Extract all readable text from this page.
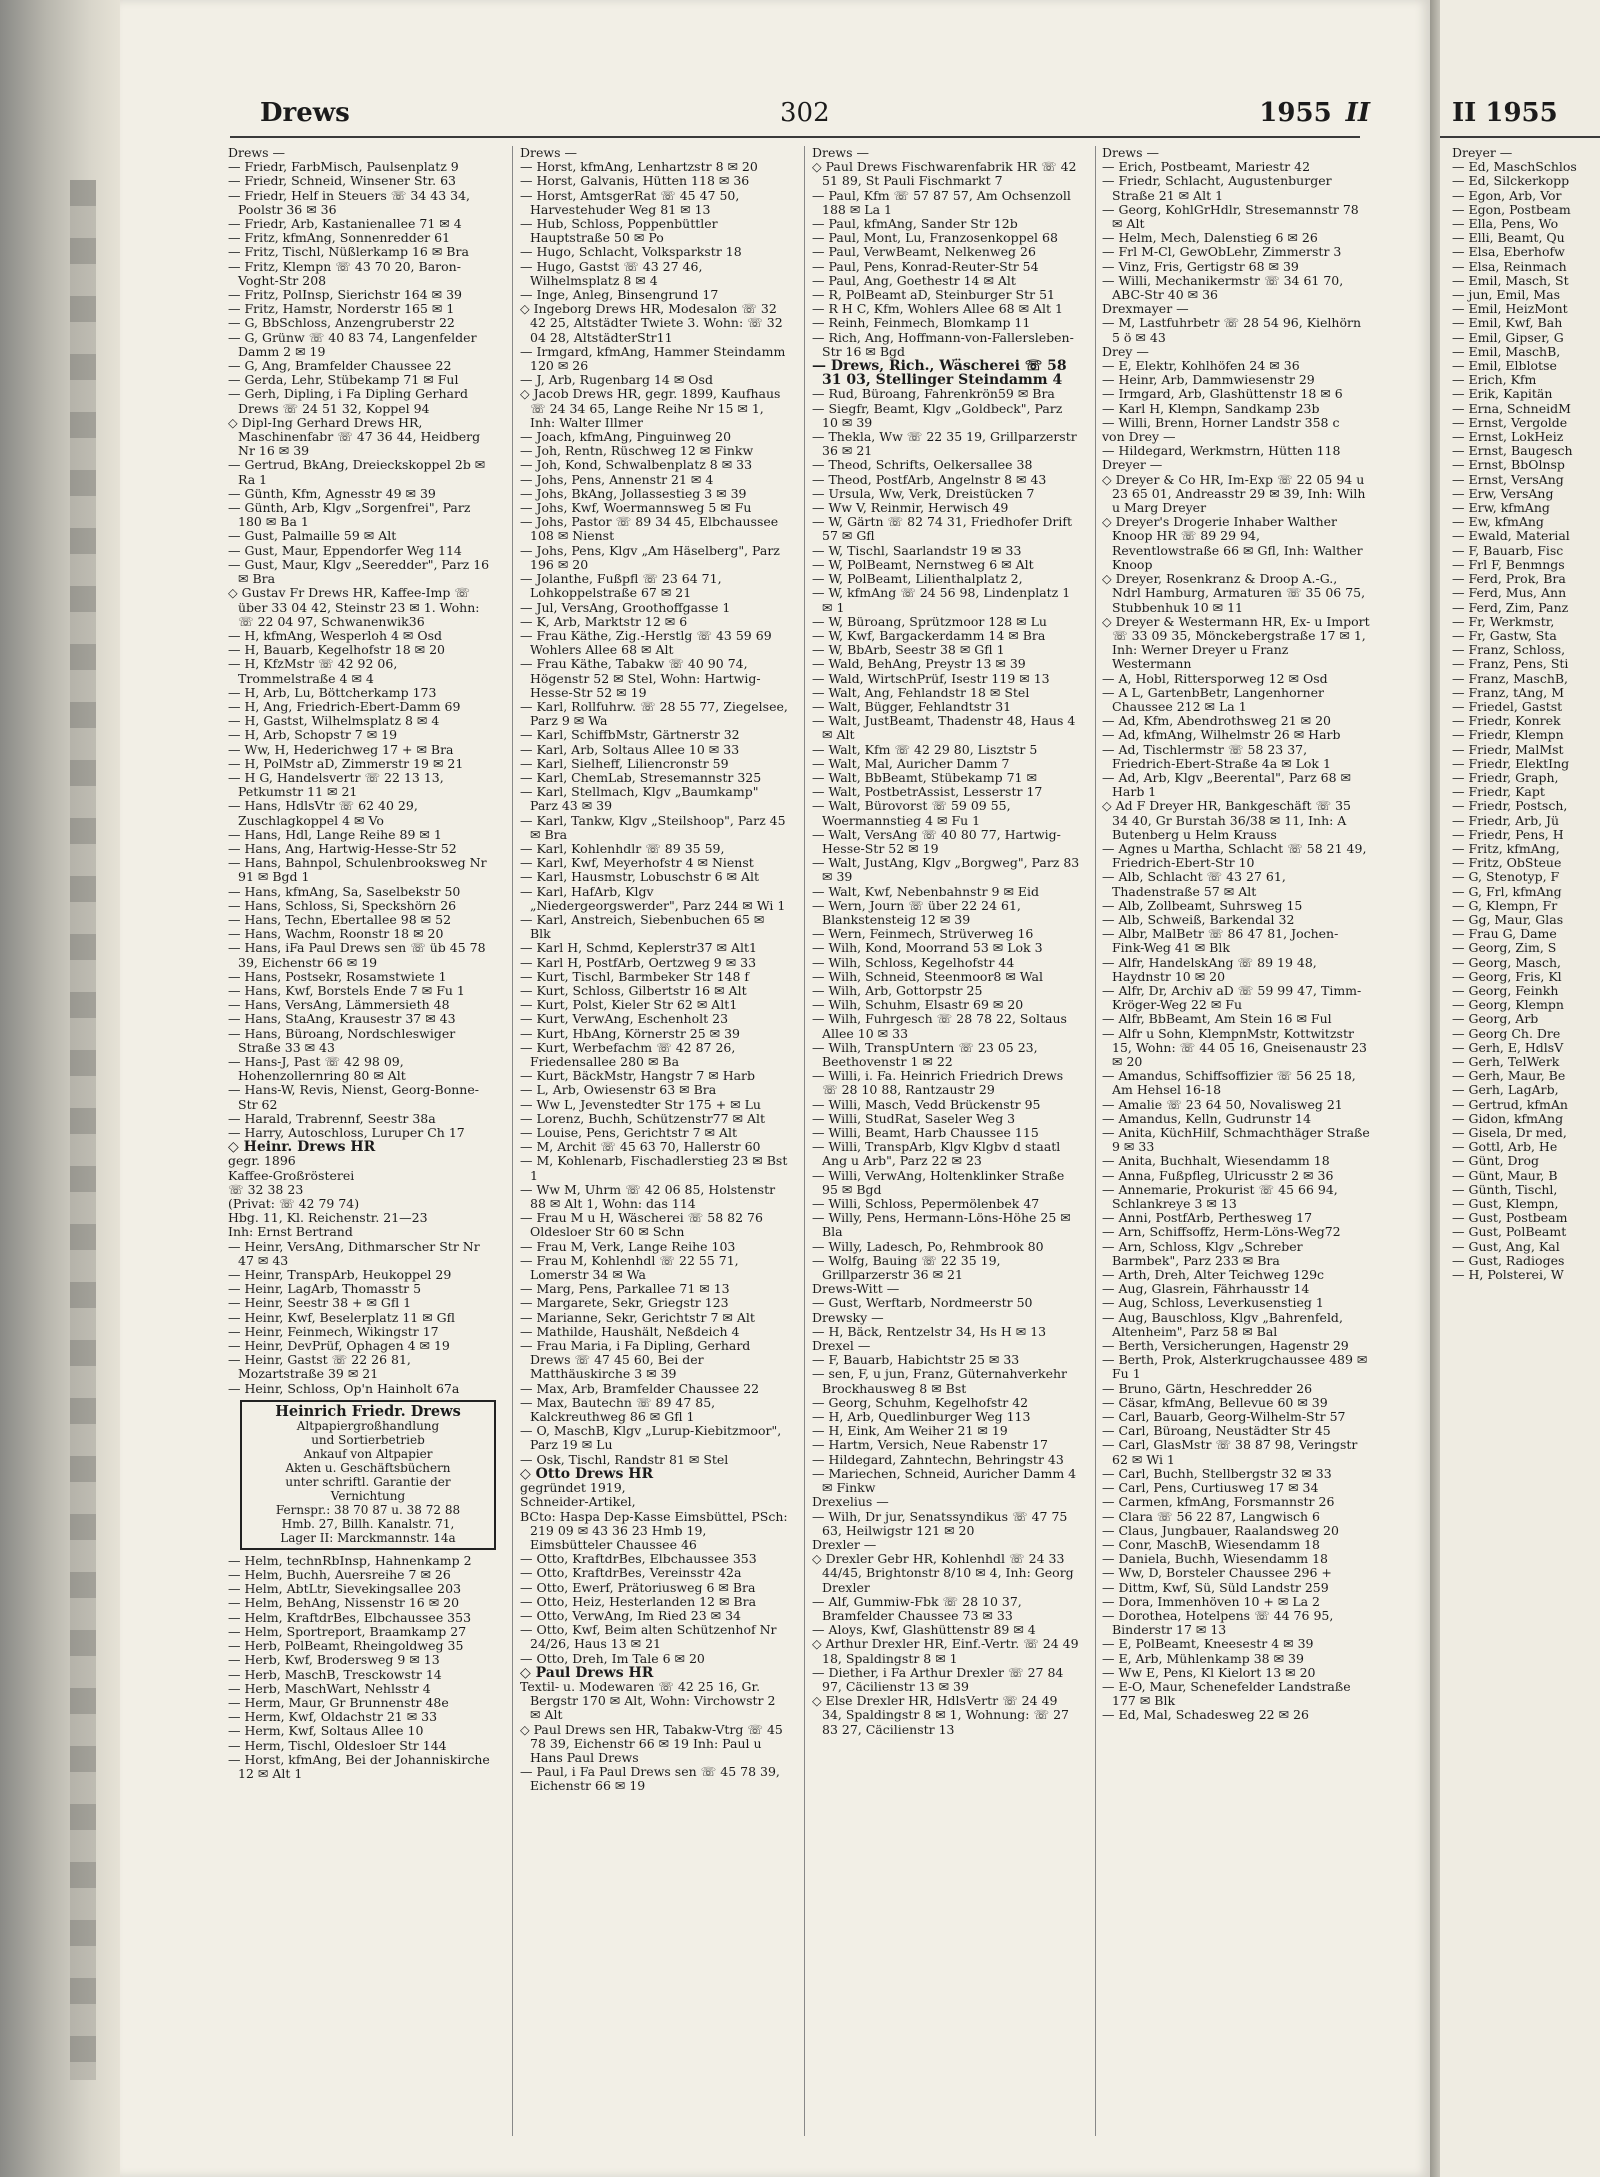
Drews	302	1955 II

Drews —

— Friedr, FarbMisch, Paulsenplatz 9

— Friedr, Schneid, Winsener Str. 63

— Friedr, Helf in Steuers ☏ 34 43 34, Poolstr 36 ✉ 36

— Friedr, Arb, Kastanienallee 71 ✉ 4

— Fritz, kfmAng, Sonnenredder 61

— Fritz, Tischl, Nüßlerkamp 16 ✉ Bra

— Fritz, Klempn ☏ 43 70 20, Baron-Voght-Str 208

— Fritz, PolInsp, Sierichstr 164 ✉ 39

— Fritz, Hamstr, Norderstr 165 ✉ 1

— G, BbSchloss, Anzengruberstr 22

— G, Grünw ☏ 40 83 74, Langenfelder Damm 2 ✉ 19

— G, Ang, Bramfelder Chaussee 22

— Gerda, Lehr, Stübekamp 71 ✉ Ful

— Gerh, Dipling, i Fa Dipling Gerhard Drews ☏ 24 51 32, Koppel 94

◇ Dipl-Ing Gerhard Drews HR, Maschinenfabr ☏ 47 36 44, Heidberg Nr 16 ✉ 39

— Gertrud, BkAng, Dreieckskoppel 2b ✉ Ra 1

— Günth, Kfm, Agnesstr 49 ✉ 39

— Günth, Arb, Klgv „Sorgenfrei", Parz 180 ✉ Ba 1

— Gust, Palmaille 59 ✉ Alt

— Gust, Maur, Eppendorfer Weg 114

— Gust, Maur, Klgv „Seeredder", Parz 16 ✉ Bra

◇ Gustav Fr Drews HR, Kaffee-Imp ☏ über 33 04 42, Steinstr 23 ✉ 1. Wohn: ☏ 22 04 97, Schwanenwik36

— H, kfmAng, Wesperloh 4 ✉ Osd

— H, Bauarb, Kegelhofstr 18 ✉ 20

— H, KfzMstr ☏ 42 92 06, Trommelstraße 4 ✉ 4

— H, Arb, Lu, Böttcherkamp 173

— H, Ang, Friedrich-Ebert-Damm 69

— H, Gastst, Wilhelmsplatz 8 ✉ 4

— H, Arb, Schopstr 7 ✉ 19

— Ww, H, Hederichweg 17 + ✉ Bra

— H, PolMstr aD, Zimmerstr 19 ✉ 21

— H G, Handelsvertr ☏ 22 13 13, Petkumstr 11 ✉ 21

— Hans, HdlsVtr ☏ 62 40 29, Zuschlagkoppel 4 ✉ Vo

— Hans, Hdl, Lange Reihe 89 ✉ 1

— Hans, Ang, Hartwig-Hesse-Str 52

— Hans, Bahnpol, Schulenbrooksweg Nr 91 ✉ Bgd 1

— Hans, kfmAng, Sa, Saselbekstr 50

— Hans, Schloss, Si, Speckshörn 26

— Hans, Techn, Ebertallee 98 ✉ 52

— Hans, Wachm, Roonstr 18 ✉ 20

— Hans, iFa Paul Drews sen ☏ üb 45 78 39, Eichenstr 66 ✉ 19

— Hans, Postsekr, Rosamstwiete 1

— Hans, Kwf, Borstels Ende 7 ✉ Fu 1

— Hans, VersAng, Lämmersieth 48

— Hans, StaAng, Krausestr 37 ✉ 43

— Hans, Büroang, Nordschleswiger Straße 33 ✉ 43

— Hans-J, Past ☏ 42 98 09, Hohenzollernring 80 ✉ Alt

— Hans-W, Revis, Nienst, Georg-Bonne-Str 62

— Harald, Trabrennf, Seestr 38a

— Harry, Autoschloss, Luruper Ch 17

◇ Heinr. Drews HR

gegr. 1896

Kaffee-Großrösterei

☏ 32 38 23

(Privat: ☏ 42 79 74)

Hbg. 11, Kl. Reichenstr. 21—23

Inh: Ernst Bertrand

— Heinr, VersAng, Dithmarscher Str Nr 47 ✉ 43

— Heinr, TranspArb, Heukoppel 29

— Heinr, LagArb, Thomasstr 5

— Heinr, Seestr 38 + ✉ Gfl 1

— Heinr, Kwf, Beselerplatz 11 ✉ Gfl

— Heinr, Feinmech, Wikingstr 17

— Heinr, DevPrüf, Ophagen 4 ✉ 19

— Heinr, Gastst ☏ 22 26 81, Mozartstraße 39 ✉ 21

— Heinr, Schloss, Op'n Hainholt 67a

Heinrich Friedr. Drews
Altpapiergroßhandlung
und Sortierbetrieb
Ankauf von Altpapier
Akten u. Geschäftsbüchern
unter schriftl. Garantie der
Vernichtung
Fernspr.: 38 70 87 u. 38 72 88
Hmb. 27, Billh. Kanalstr. 71,
Lager II: Marckmannstr. 14a

— Helm, technRbInsp, Hahnenkamp 2

— Helm, Buchh, Auersreihe 7 ✉ 26

— Helm, AbtLtr, Sievekingsallee 203

— Helm, BehAng, Nissenstr 16 ✉ 20

— Helm, KraftdrBes, Elbchaussee 353

— Helm, Sportreport, Braamkamp 27

— Herb, PolBeamt, Rheingoldweg 35

— Herb, Kwf, Brodersweg 9 ✉ 13

— Herb, MaschB, Tresckowstr 14

— Herb, MaschWart, Nehlsstr 4

— Herm, Maur, Gr Brunnenstr 48e

— Herm, Kwf, Oldachstr 21 ✉ 33

— Herm, Kwf, Soltaus Allee 10

— Herm, Tischl, Oldesloer Str 144

— Horst, kfmAng, Bei der Johanniskirche 12 ✉ Alt 1

Drews —

— Horst, kfmAng, Lenhartzstr 8 ✉ 20

— Horst, Galvanis, Hütten 118 ✉ 36

— Horst, AmtsgerRat ☏ 45 47 50, Harvestehuder Weg 81 ✉ 13

— Hub, Schloss, Poppenbüttler Hauptstraße 50 ✉ Po

— Hugo, Schlacht, Volksparkstr 18

— Hugo, Gastst ☏ 43 27 46, Wilhelmsplatz 8 ✉ 4

— Inge, Anleg, Binsengrund 17

◇ Ingeborg Drews HR, Modesalon ☏ 32 42 25, Altstädter Twiete 3. Wohn: ☏ 32 04 28, AltstädterStr11

— Irmgard, kfmAng, Hammer Steindamm 120 ✉ 26

— J, Arb, Rugenbarg 14 ✉ Osd

◇ Jacob Drews HR, gegr. 1899, Kaufhaus ☏ 24 34 65, Lange Reihe Nr 15 ✉ 1, Inh: Walter Illmer

— Joach, kfmAng, Pinguinweg 20

— Joh, Rentn, Rüschweg 12 ✉ Finkw

— Joh, Kond, Schwalbenplatz 8 ✉ 33

— Johs, Pens, Annenstr 21 ✉ 4

— Johs, BkAng, Jollassestieg 3 ✉ 39

— Johs, Kwf, Woermannsweg 5 ✉ Fu

— Johs, Pastor ☏ 89 34 45, Elbchaussee 108 ✉ Nienst

— Johs, Pens, Klgv „Am Häselberg", Parz 196 ✉ 20

— Jolanthe, Fußpfl ☏ 23 64 71, Lohkoppelstraße 67 ✉ 21

— Jul, VersAng, Groothoffgasse 1

— K, Arb, Marktstr 12 ✉ 6

— Frau Käthe, Zig.-Herstlg ☏ 43 59 69 Wohlers Allee 68 ✉ Alt

— Frau Käthe, Tabakw ☏ 40 90 74, Högenstr 52 ✉ Stel, Wohn: Hartwig-Hesse-Str 52 ✉ 19

— Karl, Rollfuhrw. ☏ 28 55 77, Ziegelsee, Parz 9 ✉ Wa

— Karl, SchiffbMstr, Gärtnerstr 32

— Karl, Arb, Soltaus Allee 10 ✉ 33

— Karl, Sielheff, Liliencronstr 59

— Karl, ChemLab, Stresemannstr 325

— Karl, Stellmach, Klgv „Baumkamp" Parz 43 ✉ 39

— Karl, Tankw, Klgv „Steilshoop", Parz 45 ✉ Bra

— Karl, Kohlenhdlr ☏ 89 35 59,

— Karl, Kwf, Meyerhofstr 4 ✉ Nienst

— Karl, Hausmstr, Lobuschstr 6 ✉ Alt

— Karl, HafArb, Klgv „Niedergeorgswerder", Parz 244 ✉ Wi 1

— Karl, Anstreich, Siebenbuchen 65 ✉ Blk

— Karl H, Schmd, Keplerstr37 ✉ Alt1

— Karl H, PostfArb, Oertzweg 9 ✉ 33

— Kurt, Tischl, Barmbeker Str 148 f

— Kurt, Schloss, Gilbertstr 16 ✉ Alt

— Kurt, Polst, Kieler Str 62 ✉ Alt1

— Kurt, VerwAng, Eschenholt 23

— Kurt, HbAng, Körnerstr 25 ✉ 39

— Kurt, Werbefachm ☏ 42 87 26, Friedensallee 280 ✉ Ba

— Kurt, BäckMstr, Hangstr 7 ✉ Harb

— L, Arb, Owiesenstr 63 ✉ Bra

— Ww L, Jevenstedter Str 175 + ✉ Lu

— Lorenz, Buchh, Schützenstr77 ✉ Alt

— Louise, Pens, Gerichtstr 7 ✉ Alt

— M, Archit ☏ 45 63 70, Hallerstr 60

— M, Kohlenarb, Fischadlerstieg 23 ✉ Bst 1

— Ww M, Uhrm ☏ 42 06 85, Holstenstr 88 ✉ Alt 1, Wohn: das 114

— Frau M u H, Wäscherei ☏ 58 82 76 Oldesloer Str 60 ✉ Schn

— Frau M, Verk, Lange Reihe 103

— Frau M, Kohlenhdl ☏ 22 55 71, Lomerstr 34 ✉ Wa

— Marg, Pens, Parkallee 71 ✉ 13

— Margarete, Sekr, Griegstr 123

— Marianne, Sekr, Gerichtstr 7 ✉ Alt

— Mathilde, Haushält, Neßdeich 4

— Frau Maria, i Fa Dipling, Gerhard Drews ☏ 47 45 60, Bei der Matthäuskirche 3 ✉ 39

— Max, Arb, Bramfelder Chaussee 22

— Max, Bautechn ☏ 89 47 85, Kalckreuthweg 86 ✉ Gfl 1

— O, MaschB, Klgv „Lurup-Kiebitzmoor", Parz 19 ✉ Lu

— Osk, Tischl, Randstr 81 ✉ Stel

◇ Otto Drews HR

gegründet 1919,

Schneider-Artikel,

BCto: Haspa Dep-Kasse Eimsbüttel, PSch: 219 09 ✉ 43 36 23 Hmb 19, Eimsbütteler Chaussee 46

— Otto, KraftdrBes, Elbchaussee 353

— Otto, KraftdrBes, Vereinsstr 42a

— Otto, Ewerf, Prätoriusweg 6 ✉ Bra

— Otto, Heiz, Hesterlanden 12 ✉ Bra

— Otto, VerwAng, Im Ried 23 ✉ 34

— Otto, Kwf, Beim alten Schützenhof Nr 24/26, Haus 13 ✉ 21

— Otto, Dreh, Im Tale 6 ✉ 20

◇ Paul Drews HR

Textil- u. Modewaren ☏ 42 25 16, Gr. Bergstr 170 ✉ Alt, Wohn: Virchowstr 2 ✉ Alt

◇ Paul Drews sen HR, Tabakw-Vtrg ☏ 45 78 39, Eichenstr 66 ✉ 19 Inh: Paul u Hans Paul Drews

— Paul, i Fa Paul Drews sen ☏ 45 78 39, Eichenstr 66 ✉ 19

Drews —

◇ Paul Drews Fischwarenfabrik HR ☏ 42 51 89, St Pauli Fischmarkt 7

— Paul, Kfm ☏ 57 87 57, Am Ochsenzoll 188 ✉ La 1

— Paul, kfmAng, Sander Str 12b

— Paul, Mont, Lu, Franzosenkoppel 68

— Paul, VerwBeamt, Nelkenweg 26

— Paul, Pens, Konrad-Reuter-Str 54

— Paul, Ang, Goethestr 14 ✉ Alt

— R, PolBeamt aD, Steinburger Str 51

— R H C, Kfm, Wohlers Allee 68 ✉ Alt 1

— Reinh, Feinmech, Blomkamp 11

— Rich, Ang, Hoffmann-von-Fallersleben-Str 16 ✉ Bgd

— Drews, Rich., Wäscherei ☏ 58 31 03, Stellinger Steindamm 4

— Rud, Büroang, Fahrenkrön59 ✉ Bra

— Siegfr, Beamt, Klgv „Goldbeck", Parz 10 ✉ 39

— Thekla, Ww ☏ 22 35 19, Grillparzerstr 36 ✉ 21

— Theod, Schrifts, Oelkersallee 38

— Theod, PostfArb, Angelnstr 8 ✉ 43

— Ursula, Ww, Verk, Dreistücken 7

— Ww V, Reinmir, Herwisch 49

— W, Gärtn ☏ 82 74 31, Friedhofer Drift 57 ✉ Gfl

— W, Tischl, Saarlandstr 19 ✉ 33

— W, PolBeamt, Nernstweg 6 ✉ Alt

— W, PolBeamt, Lilienthalplatz 2,

— W, kfmAng ☏ 24 56 98, Lindenplatz 1 ✉ 1

— W, Büroang, Sprützmoor 128 ✉ Lu

— W, Kwf, Bargackerdamm 14 ✉ Bra

— W, BbArb, Seestr 38 ✉ Gfl 1

— Wald, BehAng, Preystr 13 ✉ 39

— Wald, WirtschPrüf, Isestr 119 ✉ 13

— Walt, Ang, Fehlandstr 18 ✉ Stel

— Walt, Bügger, Fehlandtstr 31

— Walt, JustBeamt, Thadenstr 48, Haus 4 ✉ Alt

— Walt, Kfm ☏ 42 29 80, Lisztstr 5

— Walt, Mal, Auricher Damm 7

— Walt, BbBeamt, Stübekamp 71 ✉

— Walt, PostbetrAssist, Lesserstr 17

— Walt, Bürovorst ☏ 59 09 55, Woermannstieg 4 ✉ Fu 1

— Walt, VersAng ☏ 40 80 77, Hartwig-Hesse-Str 52 ✉ 19

— Walt, JustAng, Klgv „Borgweg", Parz 83 ✉ 39

— Walt, Kwf, Nebenbahnstr 9 ✉ Eid

— Wern, Journ ☏ über 22 24 61, Blankstensteig 12 ✉ 39

— Wern, Feinmech, Strüverweg 16

— Wilh, Kond, Moorrand 53 ✉ Lok 3

— Wilh, Schloss, Kegelhofstr 44

— Wilh, Schneid, Steenmoor8 ✉ Wal

— Wilh, Arb, Gottorpstr 25

— Wilh, Schuhm, Elsastr 69 ✉ 20

— Wilh, Fuhrgesch ☏ 28 78 22, Soltaus Allee 10 ✉ 33

— Wilh, TranspUntern ☏ 23 05 23, Beethovenstr 1 ✉ 22

— Willi, i. Fa. Heinrich Friedrich Drews ☏ 28 10 88, Rantzaustr 29

— Willi, Masch, Vedd Brückenstr 95

— Willi, StudRat, Saseler Weg 3

— Willi, Beamt, Harb Chaussee 115

— Willi, TranspArb, Klgv Klgbv d staatl Ang u Arb", Parz 22 ✉ 23

— Willi, VerwAng, Holtenklinker Straße 95 ✉ Bgd

— Willi, Schloss, Pepermölenbek 47

— Willy, Pens, Hermann-Löns-Höhe 25 ✉ Bla

— Willy, Ladesch, Po, Rehmbrook 80

— Wolfg, Bauing ☏ 22 35 19, Grillparzerstr 36 ✉ 21

Drews-Witt —

— Gust, Werftarb, Nordmeerstr 50

Drewsky —

— H, Bäck, Rentzelstr 34, Hs H ✉ 13

Drexel —

— F, Bauarb, Habichtstr 25 ✉ 33

— sen, F, u jun, Franz, Güternahverkehr Brockhausweg 8 ✉ Bst

— Georg, Schuhm, Kegelhofstr 42

— H, Arb, Quedlinburger Weg 113

— H, Eink, Am Weiher 21 ✉ 19

— Hartm, Versich, Neue Rabenstr 17

— Hildegard, Zahntechn, Behringstr 43

— Mariechen, Schneid, Auricher Damm 4 ✉ Finkw

Drexelius —

— Wilh, Dr jur, Senatssyndikus ☏ 47 75 63, Heilwigstr 121 ✉ 20

Drexler —

◇ Drexler Gebr HR, Kohlenhdl ☏ 24 33 44/45, Brightonstr 8/10 ✉ 4, Inh: Georg Drexler

— Alf, Gummiw-Fbk ☏ 28 10 37, Bramfelder Chaussee 73 ✉ 33

— Aloys, Kwf, Glashüttenstr 89 ✉ 4

◇ Arthur Drexler HR, Einf.-Vertr. ☏ 24 49 18, Spaldingstr 8 ✉ 1

— Diether, i Fa Arthur Drexler ☏ 27 84 97, Cäcilienstr 13 ✉ 39

◇ Else Drexler HR, HdlsVertr ☏ 24 49 34, Spaldingstr 8 ✉ 1, Wohnung: ☏ 27 83 27, Cäcilienstr 13

Drews —

— Erich, Postbeamt, Mariestr 42

— Friedr, Schlacht, Augustenburger Straße 21 ✉ Alt 1

— Georg, KohlGrHdlr, Stresemannstr 78 ✉ Alt

— Helm, Mech, Dalenstieg 6 ✉ 26

— Frl M-Cl, GewObLehr, Zimmerstr 3

— Vinz, Fris, Gertigstr 68 ✉ 39

— Willi, Mechanikermstr ☏ 34 61 70, ABC-Str 40 ✉ 36

Drexmayer —

— M, Lastfuhrbetr ☏ 28 54 96, Kielhörn 5 ö ✉ 43

Drey —

— E, Elektr, Kohlhöfen 24 ✉ 36

— Heinr, Arb, Dammwiesenstr 29

— Irmgard, Arb, Glashüttenstr 18 ✉ 6

— Karl H, Klempn, Sandkamp 23b

— Willi, Brenn, Horner Landstr 358 c

von Drey —

— Hildegard, Werkmstrn, Hütten 118

Dreyer —

◇ Dreyer & Co HR, Im-Exp ☏ 22 05 94 u 23 65 01, Andreasstr 29 ✉ 39, Inh: Wilh u Marg Dreyer

◇ Dreyer's Drogerie Inhaber Walther Knoop HR ☏ 89 29 94, Reventlowstraße 66 ✉ Gfl, Inh: Walther Knoop

◇ Dreyer, Rosenkranz & Droop A.-G., Ndrl Hamburg, Armaturen ☏ 35 06 75, Stubbenhuk 10 ✉ 11

◇ Dreyer & Westermann HR, Ex- u Import ☏ 33 09 35, Mönckebergstraße 17 ✉ 1, Inh: Werner Dreyer u Franz Westermann

— A, Hobl, Rittersporweg 12 ✉ Osd

— A L, GartenbBetr, Langenhorner Chaussee 212 ✉ La 1

— Ad, Kfm, Abendrothsweg 21 ✉ 20

— Ad, kfmAng, Wilhelmstr 26 ✉ Harb

— Ad, Tischlermstr ☏ 58 23 37, Friedrich-Ebert-Straße 4a ✉ Lok 1

— Ad, Arb, Klgv „Beerental", Parz 68 ✉ Harb 1

◇ Ad F Dreyer HR, Bankgeschäft ☏ 35 34 40, Gr Burstah 36/38 ✉ 11, Inh: A Butenberg u Helm Krauss

— Agnes u Martha, Schlacht ☏ 58 21 49, Friedrich-Ebert-Str 10

— Alb, Schlacht ☏ 43 27 61, Thadenstraße 57 ✉ Alt

— Alb, Zollbeamt, Suhrsweg 15

— Alb, Schweiß, Barkendal 32

— Albr, MalBetr ☏ 86 47 81, Jochen-Fink-Weg 41 ✉ Blk

— Alfr, HandelskAng ☏ 89 19 48, Haydnstr 10 ✉ 20

— Alfr, Dr, Archiv aD ☏ 59 99 47, Timm-Kröger-Weg 22 ✉ Fu

— Alfr, BbBeamt, Am Stein 16 ✉ Ful

— Alfr u Sohn, KlempnMstr, Kottwitzstr 15, Wohn: ☏ 44 05 16, Gneisenaustr 23 ✉ 20

— Amandus, Schiffsoffizier ☏ 56 25 18, Am Hehsel 16-18

— Amalie ☏ 23 64 50, Novalisweg 21

— Amandus, Kelln, Gudrunstr 14

— Anita, KüchHilf, Schmachthäger Straße 9 ✉ 33

— Anita, Buchhalt, Wiesendamm 18

— Anna, Fußpfleg, Ulricusstr 2 ✉ 36

— Annemarie, Prokurist ☏ 45 66 94, Schlankreye 3 ✉ 13

— Anni, PostfArb, Perthesweg 17

— Arn, Schiffsoffz, Herm-Löns-Weg72

— Arn, Schloss, Klgv „Schreber Barmbek", Parz 233 ✉ Bra

— Arth, Dreh, Alter Teichweg 129c

— Aug, Glasrein, Fährhausstr 14

— Aug, Schloss, Leverkusenstieg 1

— Aug, Bauschloss, Klgv „Bahrenfeld, Altenheim", Parz 58 ✉ Bal

— Berth, Versicherungen, Hagenstr 29

— Berth, Prok, Alsterkrugchaussee 489 ✉ Fu 1

— Bruno, Gärtn, Heschredder 26

— Cäsar, kfmAng, Bellevue 60 ✉ 39

— Carl, Bauarb, Georg-Wilhelm-Str 57

— Carl, Büroang, Neustädter Str 45

— Carl, GlasMstr ☏ 38 87 98, Veringstr 62 ✉ Wi 1

— Carl, Buchh, Stellbergstr 32 ✉ 33

— Carl, Pens, Curtiusweg 17 ✉ 34

— Carmen, kfmAng, Forsmannstr 26

— Clara ☏ 56 22 87, Langwisch 6

— Claus, Jungbauer, Raalandsweg 20

— Conr, MaschB, Wiesendamm 18

— Daniela, Buchh, Wiesendamm 18

— Ww, D, Borsteler Chaussee 296 +

— Dittm, Kwf, Sü, Süld Landstr 259

— Dora, Immenhöven 10 + ✉ La 2

— Dorothea, Hotelpens ☏ 44 76 95, Binderstr 17 ✉ 13

— E, PolBeamt, Kneesestr 4 ✉ 39

— E, Arb, Mühlenkamp 38 ✉ 39

— Ww E, Pens, Kl Kielort 13 ✉ 20

— E-O, Maur, Schenefelder Landstraße 177 ✉ Blk

— Ed, Mal, Schadesweg 22 ✉ 26

II 1955

Dreyer —

— Ed, MaschSchlos

— Ed, Silckerkopp

— Egon, Arb, Vor

— Egon, Postbeam

— Ella, Pens, Wo

— Elli, Beamt, Qu

— Elsa, Eberhofw

— Elsa, Reinmach

— Emil, Masch, St

— jun, Emil, Mas

— Emil, HeizMont

— Emil, Kwf, Bah

— Emil, Gipser, G

— Emil, MaschB,

— Emil, Elblotse

— Erich, Kfm

— Erik, Kapitän

— Erna, SchneidM

— Ernst, Vergolde

— Ernst, LokHeiz

— Ernst, Baugesch

— Ernst, BbOlnsp

— Ernst, VersAng

— Erw, VersAng

— Erw, kfmAng

— Ew, kfmAng

— Ewald, Material

— F, Bauarb, Fisc

— Frl F, Benmngs

— Ferd, Prok, Bra

— Ferd, Mus, Ann

— Ferd, Zim, Panz

— Fr, Werkmstr,

— Fr, Gastw, Sta

— Franz, Schloss,

— Franz, Pens, Sti

— Franz, MaschB,

— Franz, tAng, M

— Friedel, Gastst

— Friedr, Konrek

— Friedr, Klempn

— Friedr, MalMst

— Friedr, ElektIng

— Friedr, Graph,

— Friedr, Kapt

— Friedr, Postsch,

— Friedr, Arb, Jü

— Friedr, Pens, H

— Fritz, kfmAng,

— Fritz, ObSteue

— G, Stenotyp, F

— G, Frl, kfmAng

— G, Klempn, Fr

— Gg, Maur, Glas

— Frau G, Dame

— Georg, Zim, S

— Georg, Masch,

— Georg, Fris, Kl

— Georg, Feinkh

— Georg, Klempn

— Georg, Arb

— Georg Ch. Dre

— Gerh, E, HdlsV

— Gerh, TelWerk

— Gerh, Maur, Be

— Gerh, LagArb,

— Gertrud, kfmAn

— Gidon, kfmAng

— Gisela, Dr med,

— Gottl, Arb, He

— Günt, Drog

— Günt, Maur, B

— Günth, Tischl,

— Gust, Klempn,

— Gust, Postbeam

— Gust, PolBeamt

— Gust, Ang, Kal

— Gust, Radioges

— H, Polsterei, W
